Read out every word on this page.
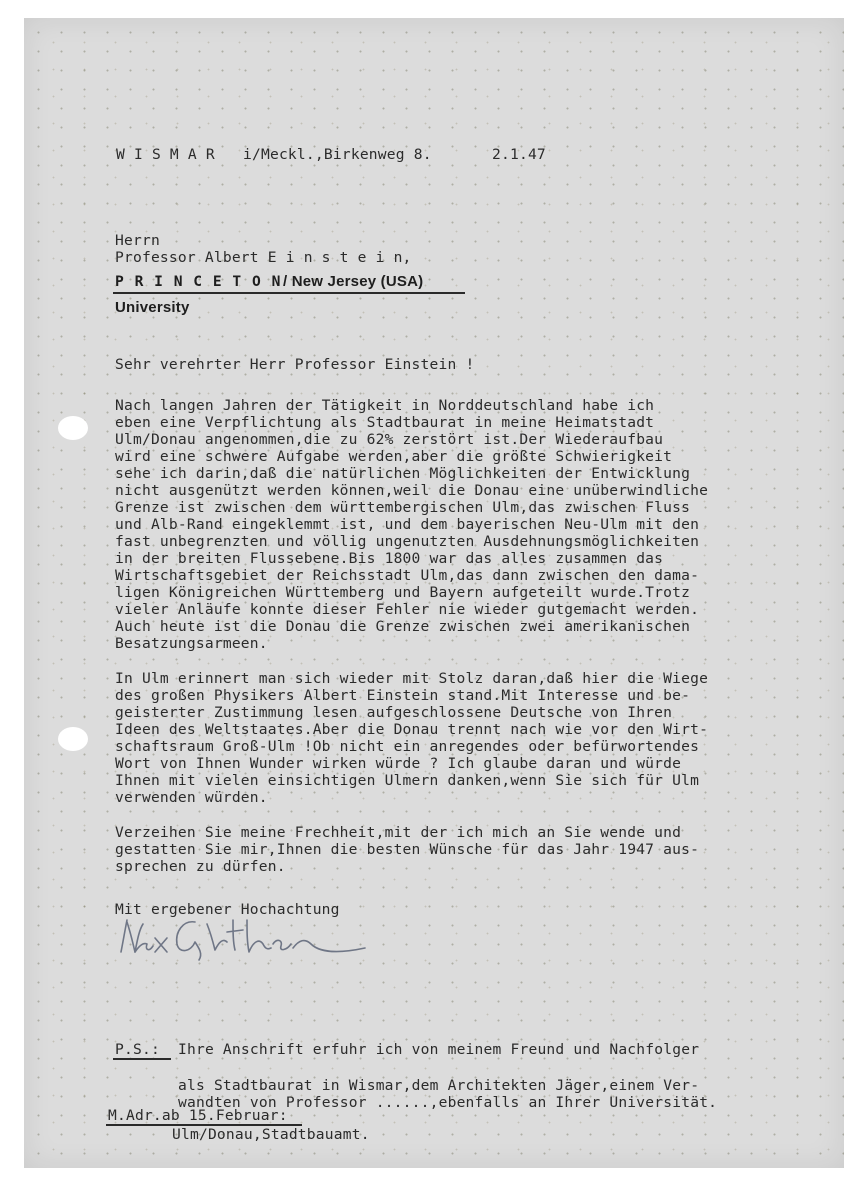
W I S M A R i/Meckl.,Birkenweg 8.	2.1.47
Herrn
Professor Albert E i n s t e i n,
P R I N C E T O N / New Jersey (USA)
University
Sehr verehrter Herr Professor Einstein !
Nach langen Jahren der Tätigkeit in Norddeutschland habe ich
eben eine Verpflichtung als Stadtbaurat in meine Heimatstadt
Ulm/Donau angenommen,die zu 62% zerstört ist.Der Wiederaufbau
wird eine schwere Aufgabe werden,aber die größte Schwierigkeit
sehe ich darin,daß die natürlichen Möglichkeiten der Entwicklung
nicht ausgenützt werden können,weil die Donau eine unüberwindliche
Grenze ist zwischen dem württembergischen Ulm,das zwischen Fluss
und Alb-Rand eingeklemmt ist, und dem bayerischen Neu-Ulm mit den
fast unbegrenzten und völlig ungenutzten Ausdehnungsmöglichkeiten
in der breiten Flussebene.Bis 1800 war das alles zusammen das
Wirtschaftsgebiet der Reichsstadt Ulm,das dann zwischen den dama-
ligen Königreichen Württemberg und Bayern aufgeteilt wurde.Trotz
vieler Anläufe konnte dieser Fehler nie wieder gutgemacht werden.
Auch heute ist die Donau die Grenze zwischen zwei amerikanischen
Besatzungsarmeen.
In Ulm erinnert man sich wieder mit Stolz daran,daß hier die Wiege
des großen Physikers Albert Einstein stand.Mit Interesse und be-
geisterter Zustimmung lesen aufgeschlossene Deutsche von Ihren
Ideen des Weltstaates.Aber die Donau trennt nach wie vor den Wirt-
schaftsraum Groß-Ulm !Ob nicht ein anregendes oder befürwortendes
Wort von Ihnen Wunder wirken würde ? Ich glaube daran und würde
Ihnen mit vielen einsichtigen Ulmern danken,wenn Sie sich für Ulm
verwenden würden.
Verzeihen Sie meine Frechheit,mit der ich mich an Sie wende und
gestatten Sie mir,Ihnen die besten Wünsche für das Jahr 1947 aus-
sprechen zu dürfen.
Mit ergebener Hochachtung
P.S.: Ihre Anschrift erfuhr ich von meinem Freund und Nachfolger
als Stadtbaurat in Wismar,dem Architekten Jäger,einem Ver-
wandten von Professor ......,ebenfalls an Ihrer Universität.
M.Adr.ab 15.Februar:
Ulm/Donau,Stadtbauamt.
